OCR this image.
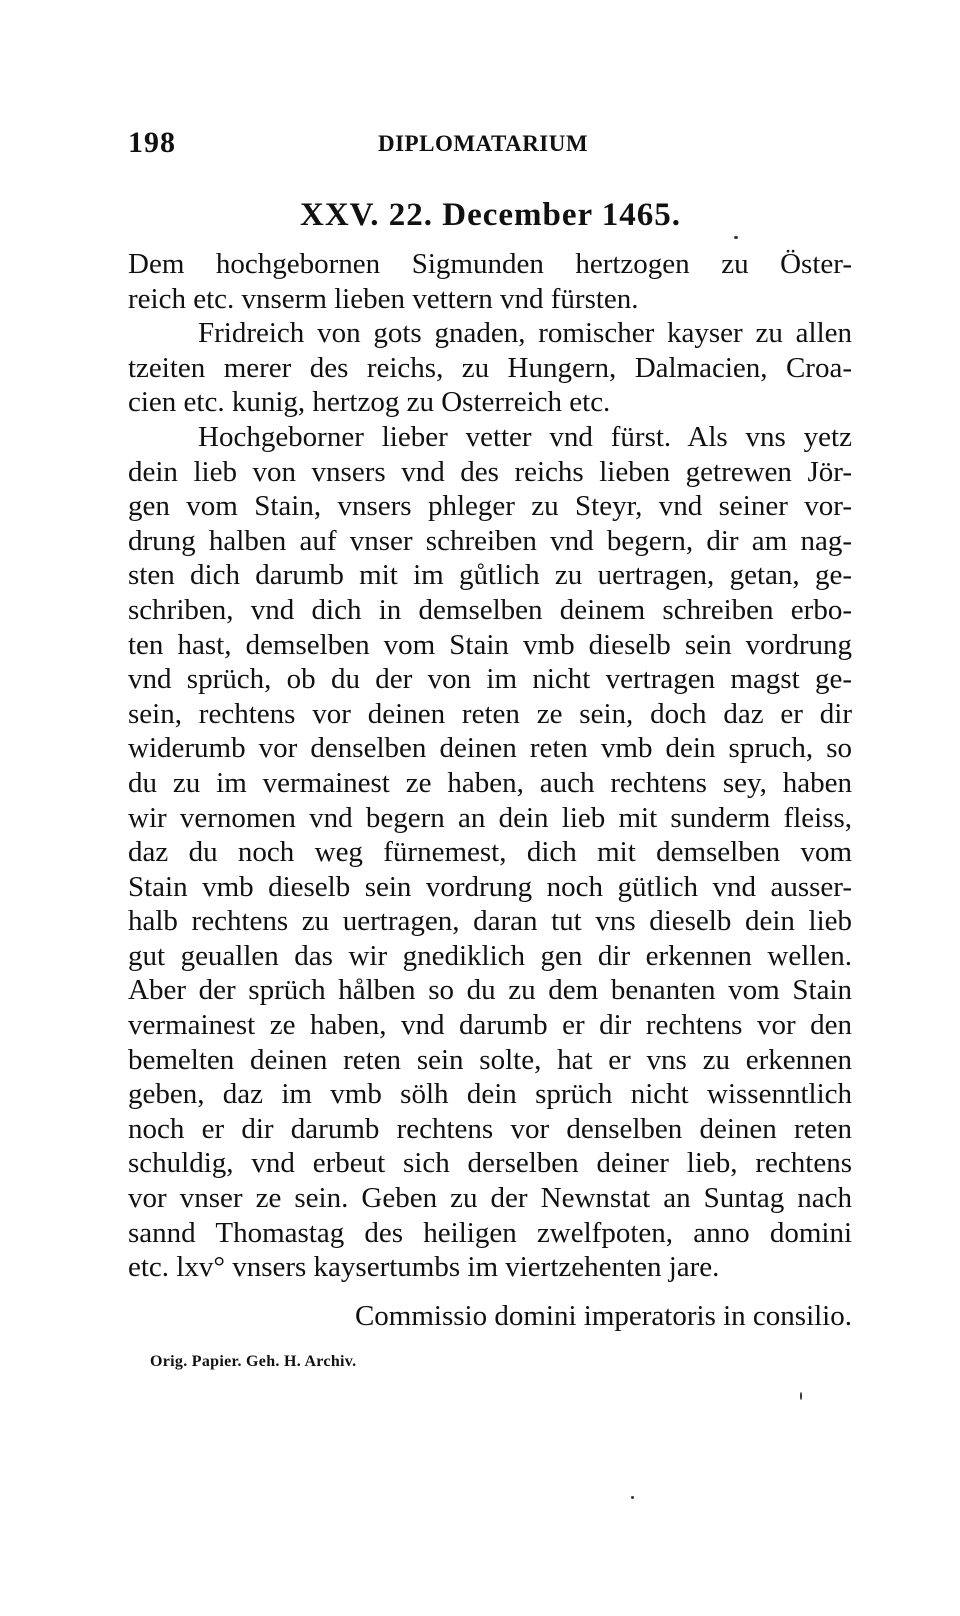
198	DIPLOMATARIUM
XXV. 22. December 1465.
Dem hochgebornen Sigmunden hertzogen zu Öster-
reich etc. vnserm lieben vettern vnd fürsten.
Fridreich von gots gnaden, romischer kayser zu allen
tzeiten merer des reichs, zu Hungern, Dalmacien, Croa-
cien etc. kunig, hertzog zu Osterreich etc.
Hochgeborner lieber vetter vnd fürst. Als vns yetz
dein lieb von vnsers vnd des reichs lieben getrewen Jör-
gen vom Stain, vnsers phleger zu Steyr, vnd seiner vor-
drung halben auf vnser schreiben vnd begern, dir am nag-
sten dich darumb mit im gůtlich zu uertragen, getan, ge-
schriben, vnd dich in demselben deinem schreiben erbo-
ten hast, demselben vom Stain vmb dieselb sein vordrung
vnd sprüch, ob du der von im nicht vertragen magst ge-
sein, rechtens vor deinen reten ze sein, doch daz er dir
widerumb vor denselben deinen reten vmb dein spruch, so
du zu im vermainest ze haben, auch rechtens sey, haben
wir vernomen vnd begern an dein lieb mit sunderm fleiss,
daz du noch weg fürnemest, dich mit demselben vom
Stain vmb dieselb sein vordrung noch gütlich vnd ausser-
halb rechtens zu uertragen, daran tut vns dieselb dein lieb
gut geuallen das wir gnediklich gen dir erkennen wellen.
Aber der sprüch hålben so du zu dem benanten vom Stain
vermainest ze haben, vnd darumb er dir rechtens vor den
bemelten deinen reten sein solte, hat er vns zu erkennen
geben, daz im vmb sölh dein sprüch nicht wissenntlich
noch er dir darumb rechtens vor denselben deinen reten
schuldig, vnd erbeut sich derselben deiner lieb, rechtens
vor vnser ze sein. Geben zu der Newnstat an Suntag nach
sannd Thomastag des heiligen zwelfpoten, anno domini
etc. lxv° vnsers kaysertumbs im viertzehenten jare.
Commissio domini imperatoris in consilio.
Orig. Papier. Geh. H. Archiv.
